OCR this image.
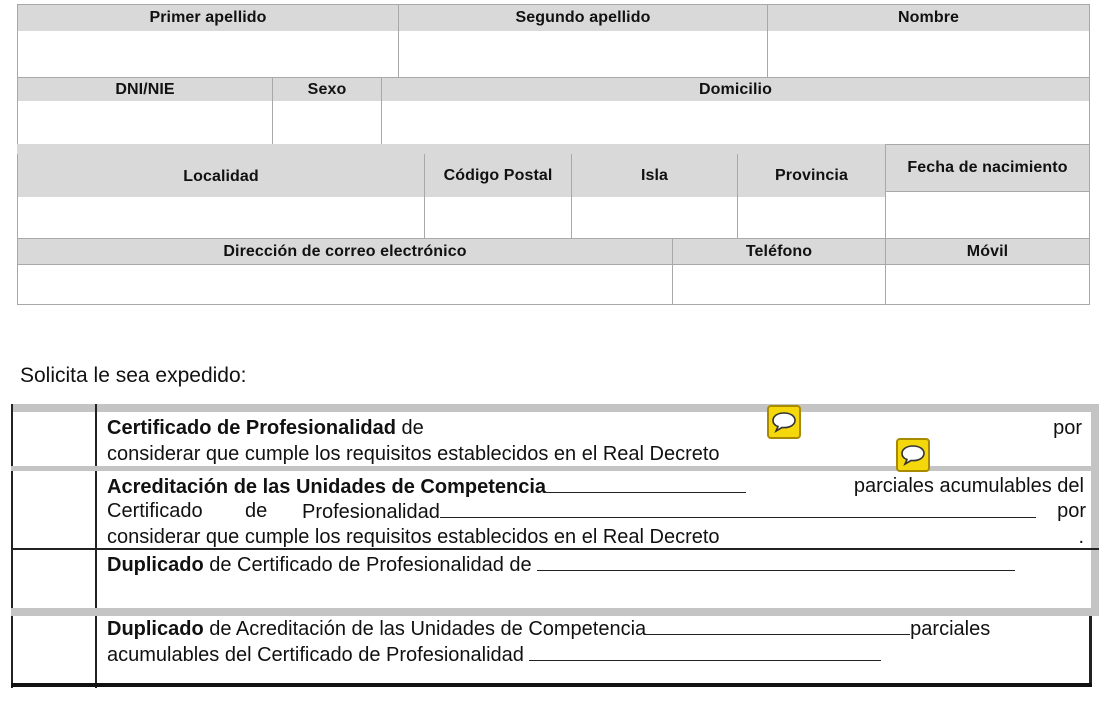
Primer apellido	Segundo apellido	Nombre
DNI/NIE	Sexo	Domicilio
Localidad	Código Postal	Isla	Provincia	Fecha de nacimiento
Dirección de correo electrónico	Teléfono	Móvil
Solicita le sea expedido:
Certificado de Profesionalidad de	por
considerar que cumple los requisitos establecidos en el Real Decreto
Acreditación de las Unidades de Competencia	parciales acumulables del
Certificado de Profesionalidad	por
considerar que cumple los requisitos establecidos en el Real Decreto	.
Duplicado de Certificado de Profesionalidad de
Duplicado de Acreditación de las Unidades de Competencia	parciales
acumulables del Certificado de Profesionalidad
